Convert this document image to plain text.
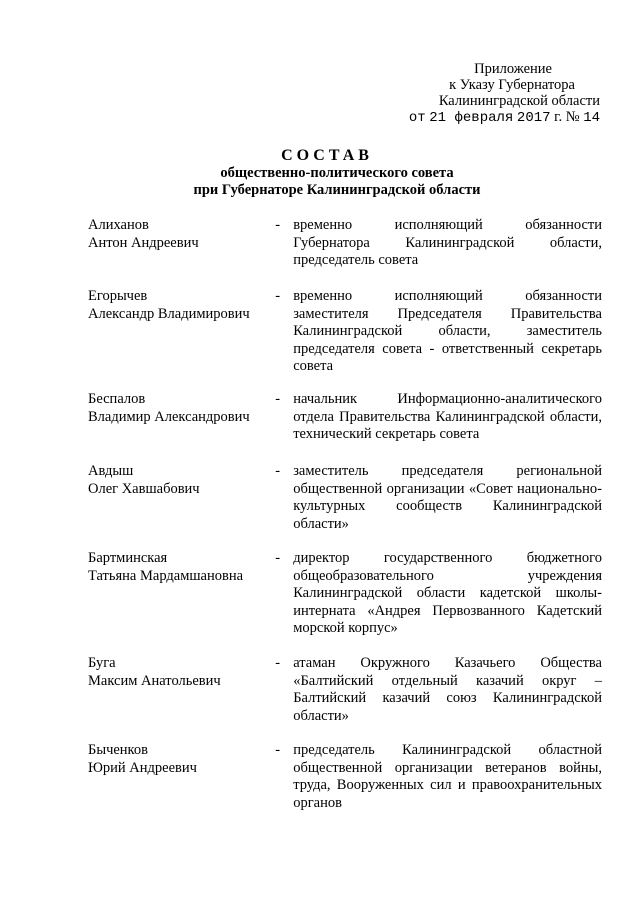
Приложение
к Указу Губернатора
Калининградской области
от 21 февраля 2017 г. № 14
СОСТАВ
общественно-политического совета
при Губернаторе Калининградской области
Алиханов
Антон Андреевич
- временно исполняющий обязанности Губернатора Калининградской области, председатель совета
Егорычев
Александр Владимирович
- временно исполняющий обязанности заместителя Председателя Правительства Калининградской области, заместитель председателя совета - ответственный секретарь совета
Беспалов
Владимир Александрович
- начальник Информационно-аналитического отдела Правительства Калининградской области, технический секретарь совета
Авдыш
Олег Хавшабович
- заместитель председателя региональной общественной организации «Совет национально-культурных сообществ Калининградской области»
Бартминская
Татьяна Мардамшановна
- директор государственного бюджетного общеобразовательного учреждения Калининградской области кадетской школы-интерната «Андрея Первозванного Кадетский морской корпус»
Буга
Максим Анатольевич
- атаман Окружного Казачьего Общества «Балтийский отдельный казачий округ – Балтийский казачий союз Калининградской области»
Быченков
Юрий Андреевич
- председатель Калининградской областной общественной организации ветеранов войны, труда, Вооруженных сил и правоохранительных органов
